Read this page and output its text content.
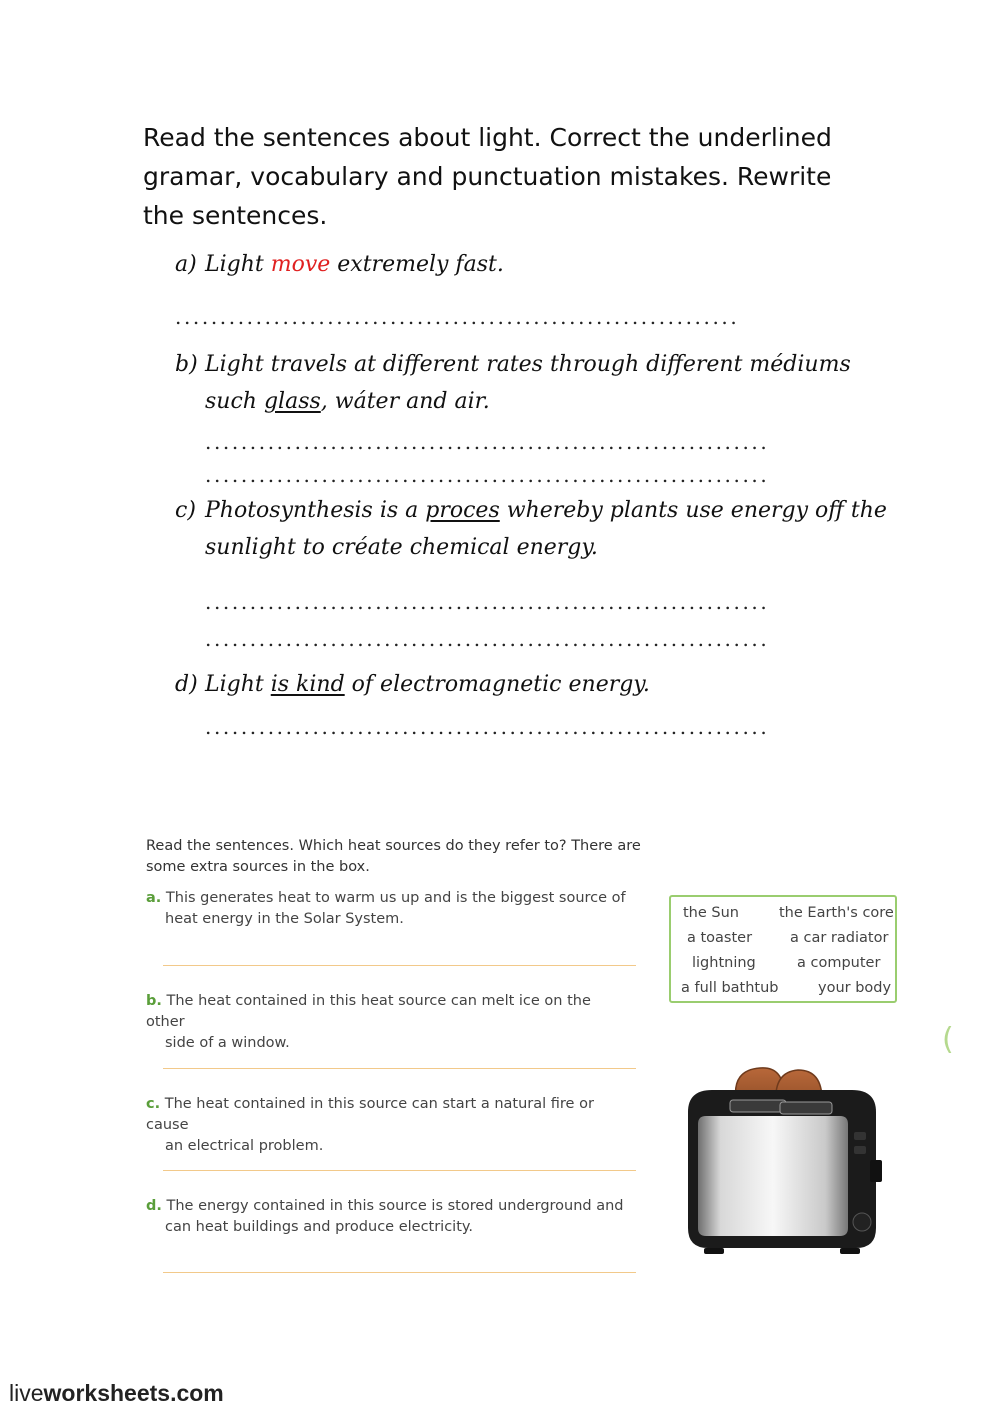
Read the sentences about light. Correct the underlined gramar, vocabulary and punctuation mistakes. Rewrite the sentences.
a) Light move extremely fast.
...............................................................
b) Light travels at different rates through different médiums
such glass, wáter and air.
...............................................................
...............................................................
c) Photosynthesis is a proces whereby plants use energy off the
sunlight to créate chemical energy.
...............................................................
...............................................................
d) Light is kind of electromagnetic energy.
...............................................................
Read the sentences. Which heat sources do they refer to? There are some extra sources in the box.
a. This generates heat to warm us up and is the biggest source of
heat energy in the Solar System.
b. The heat contained in this heat source can melt ice on the other
side of a window.
c. The heat contained in this source can start a natural fire or cause
an electrical problem.
d. The energy contained in this source is stored underground and
can heat buildings and produce electricity.
the Sun	the Earth's core
a toaster	a car radiator
lightning	a computer
a full bathtub	your body
(
liveworksheets.com
